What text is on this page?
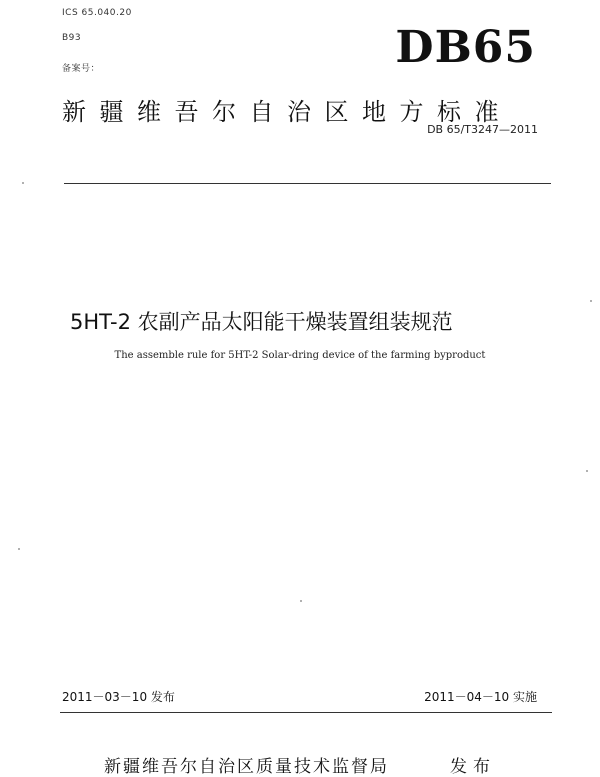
ICS 65.040.20
B93
备案号：	DB65
新疆维吾尔自治区地方标准
DB 65/T3247—2011
5HT-2 农副产品太阳能干燥装置组装规范
The assemble rule for 5HT-2 Solar-dring device of the farming byproduct
2011－03－10 发布	2011－04－10 实施
新疆维吾尔自治区质量技术监督局	发布
